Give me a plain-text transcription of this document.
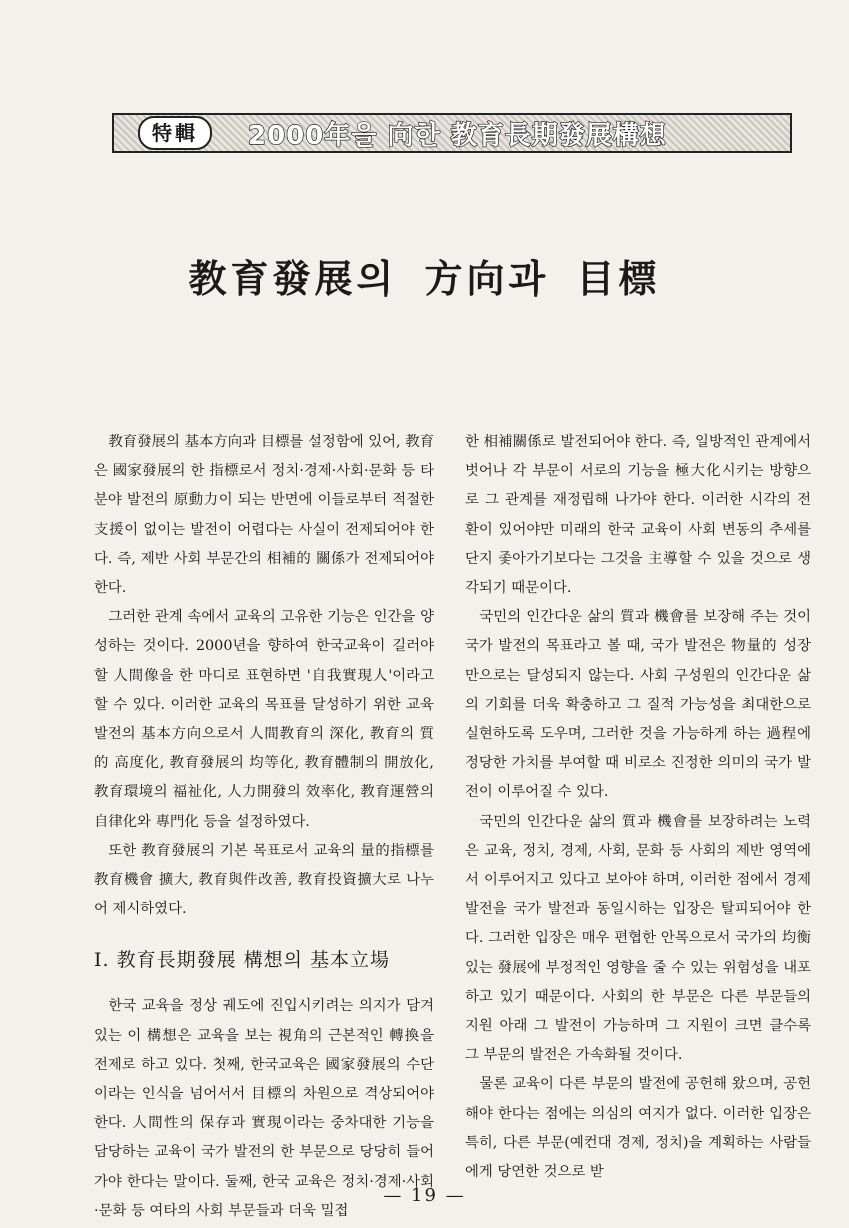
特輯	2000年을 向한 教育長期發展構想
教育發展의 方向과 目標

教育發展의 基本方向과 目標를 설정함에 있어, 教育은 國家發展의 한 指標로서 정치·경제·사회·문화 등 타 분야 발전의 原動力이 되는 반면에 이들로부터 적절한 支援이 없이는 발전이 어렵다는 사실이 전제되어야 한다. 즉, 제반 사회 부문간의 相補的 關係가 전제되어야 한다.

그러한 관계 속에서 교육의 고유한 기능은 인간을 양성하는 것이다. 2000년을 향하여 한국교육이 길러야 할 人間像을 한 마디로 표현하면 '自我實現人'이라고 할 수 있다. 이러한 교육의 목표를 달성하기 위한 교육 발전의 基本方向으로서 人間教育의 深化, 教育의 質的 高度化, 教育發展의 均等化, 教育體制의 開放化, 教育環境의 福祉化, 人力開發의 效率化, 教育運營의 自律化와 專門化 등을 설정하였다.

또한 教育發展의 기본 목표로서 교육의 量的指標를 教育機會 擴大, 教育與件改善, 教育投資擴大로 나누어 제시하였다.

Ⅰ. 教育長期發展 構想의 基本立場

한국 교육을 정상 궤도에 진입시키려는 의지가 담겨 있는 이 構想은 교육을 보는 視角의 근본적인 轉換을 전제로 하고 있다. 첫째, 한국교육은 國家發展의 수단이라는 인식을 넘어서서 目標의 차원으로 격상되어야 한다. 人間性의 保存과 實現이라는 중차대한 기능을 담당하는 교육이 국가 발전의 한 부문으로 당당히 들어가야 한다는 말이다. 둘째, 한국 교육은 정치·경제·사회·문화 등 여타의 사회 부문들과 더욱 밀접

한 相補關係로 발전되어야 한다. 즉, 일방적인 관계에서 벗어나 각 부문이 서로의 기능을 極大化시키는 방향으로 그 관계를 재정립해 나가야 한다. 이러한 시각의 전환이 있어야만 미래의 한국 교육이 사회 변동의 추세를 단지 좇아가기보다는 그것을 主導할 수 있을 것으로 생각되기 때문이다.

국민의 인간다운 삶의 質과 機會를 보장해 주는 것이 국가 발전의 목표라고 볼 때, 국가 발전은 物量的 성장만으로는 달성되지 않는다. 사회 구성원의 인간다운 삶의 기회를 더욱 확충하고 그 질적 가능성을 최대한으로 실현하도록 도우며, 그러한 것을 가능하게 하는 過程에 정당한 가치를 부여할 때 비로소 진정한 의미의 국가 발전이 이루어질 수 있다.

국민의 인간다운 삶의 質과 機會를 보장하려는 노력은 교육, 정치, 경제, 사회, 문화 등 사회의 제반 영역에서 이루어지고 있다고 보아야 하며, 이러한 점에서 경제 발전을 국가 발전과 동일시하는 입장은 탈피되어야 한다. 그러한 입장은 매우 편협한 안목으로서 국가의 均衡 있는 發展에 부정적인 영향을 줄 수 있는 위험성을 내포하고 있기 때문이다. 사회의 한 부문은 다른 부문들의 지원 아래 그 발전이 가능하며 그 지원이 크면 클수록 그 부문의 발전은 가속화될 것이다.

물론 교육이 다른 부문의 발전에 공헌해 왔으며, 공헌해야 한다는 점에는 의심의 여지가 없다. 이러한 입장은 특히, 다른 부문(예컨대 경제, 정치)을 계획하는 사람들에게 당연한 것으로 받

— 19 —
